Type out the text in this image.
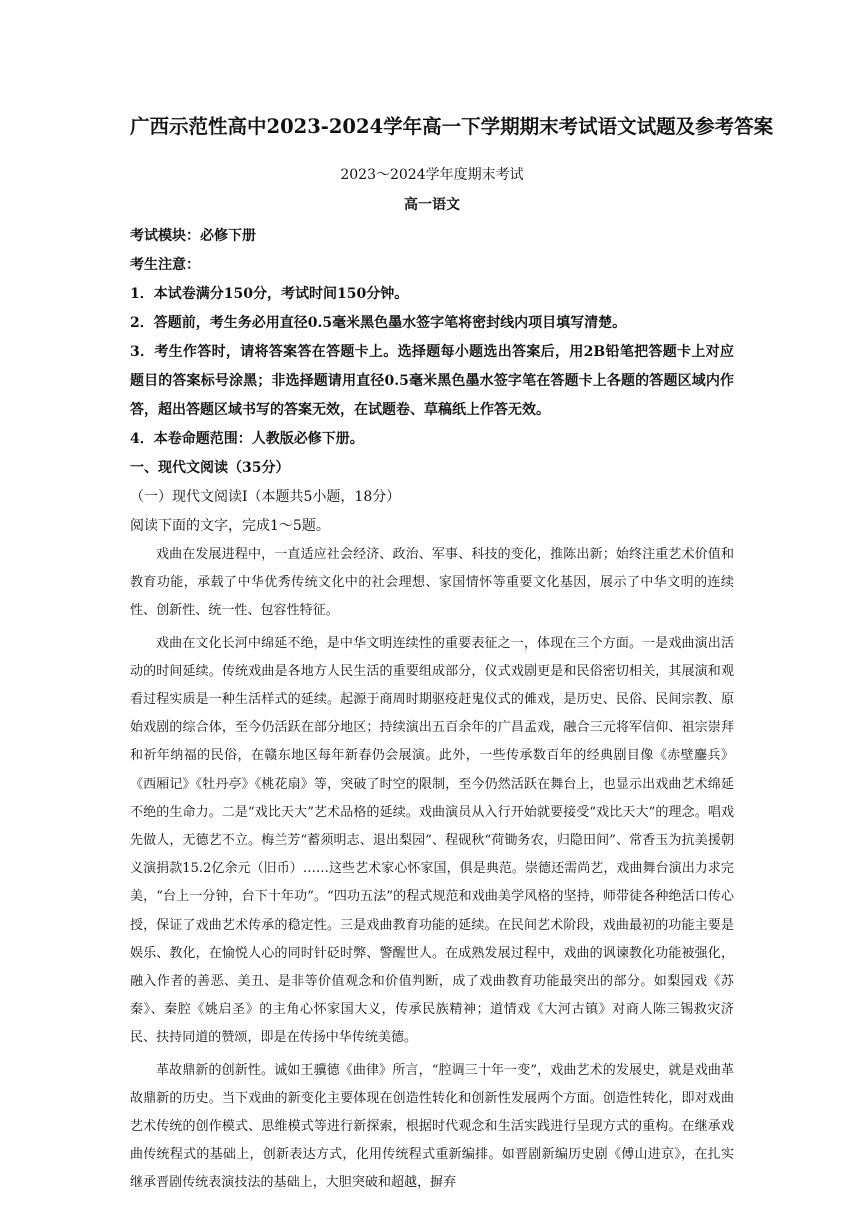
广西示范性高中2023-2024学年高一下学期期末考试语文试题及参考答案

2023～2024学年度期末考试

高一语文

考试模块：必修下册

考生注意：

1．本试卷满分150分，考试时间150分钟。

2．答题前，考生务必用直径0.5毫米黑色墨水签字笔将密封线内项目填写清楚。

3．考生作答时，请将答案答在答题卡上。选择题每小题选出答案后，用2B铅笔把答题卡上对应题目的答案标号涂黑；非选择题请用直径0.5毫米黑色墨水签字笔在答题卡上各题的答题区域内作答，超出答题区域书写的答案无效，在试题卷、草稿纸上作答无效。

4．本卷命题范围：人教版必修下册。

一、现代文阅读（35分）

（一）现代文阅读Ⅰ（本题共5小题，18分）

阅读下面的文字，完成1～5题。

戏曲在发展进程中，一直适应社会经济、政治、军事、科技的变化，推陈出新；始终注重艺术价值和教育功能，承载了中华优秀传统文化中的社会理想、家国情怀等重要文化基因，展示了中华文明的连续性、创新性、统一性、包容性特征。

戏曲在文化长河中绵延不绝，是中华文明连续性的重要表征之一，体现在三个方面。一是戏曲演出活动的时间延续。传统戏曲是各地方人民生活的重要组成部分，仪式戏剧更是和民俗密切相关，其展演和观看过程实质是一种生活样式的延续。起源于商周时期驱疫赶鬼仪式的傩戏，是历史、民俗、民间宗教、原始戏剧的综合体，至今仍活跃在部分地区；持续演出五百余年的广昌孟戏，融合三元将军信仰、祖宗崇拜和祈年纳福的民俗，在赣东地区每年新春仍会展演。此外，一些传承数百年的经典剧目像《赤壁鏖兵》《西厢记》《牡丹亭》《桃花扇》等，突破了时空的限制，至今仍然活跃在舞台上，也显示出戏曲艺术绵延不绝的生命力。二是“戏比天大”艺术品格的延续。戏曲演员从入行开始就要接受“戏比天大”的理念。唱戏先做人，无德艺不立。梅兰芳“蓄须明志、退出梨园”、程砚秋“荷锄务农，归隐田间”、常香玉为抗美援朝义演捐款15.2亿余元（旧币）……这些艺术家心怀家国，俱是典范。崇德还需尚艺，戏曲舞台演出力求完美，“台上一分钟，台下十年功”。“四功五法”的程式规范和戏曲美学风格的坚持，师带徒各种绝活口传心授，保证了戏曲艺术传承的稳定性。三是戏曲教育功能的延续。在民间艺术阶段，戏曲最初的功能主要是娱乐、教化，在愉悦人心的同时针砭时弊、警醒世人。在成熟发展过程中，戏曲的讽谏教化功能被强化，融入作者的善恶、美丑、是非等价值观念和价值判断，成了戏曲教育功能最突出的部分。如梨园戏《苏秦》、秦腔《姚启圣》的主角心怀家国大义，传承民族精神；道情戏《大河古镇》对商人陈三锡救灾济民、扶持同道的赞颂，即是在传扬中华传统美德。

革故鼎新的创新性。诚如王骥德《曲律》所言，“腔调三十年一变”，戏曲艺术的发展史，就是戏曲革故鼎新的历史。当下戏曲的新变化主要体现在创造性转化和创新性发展两个方面。创造性转化，即对戏曲艺术传统的创作模式、思维模式等进行新探索，根据时代观念和生活实践进行呈现方式的重构。在继承戏曲传统程式的基础上，创新表达方式，化用传统程式重新编排。如晋剧新编历史剧《傅山进京》，在扎实继承晋剧传统表演技法的基础上，大胆突破和超越，摒弃
